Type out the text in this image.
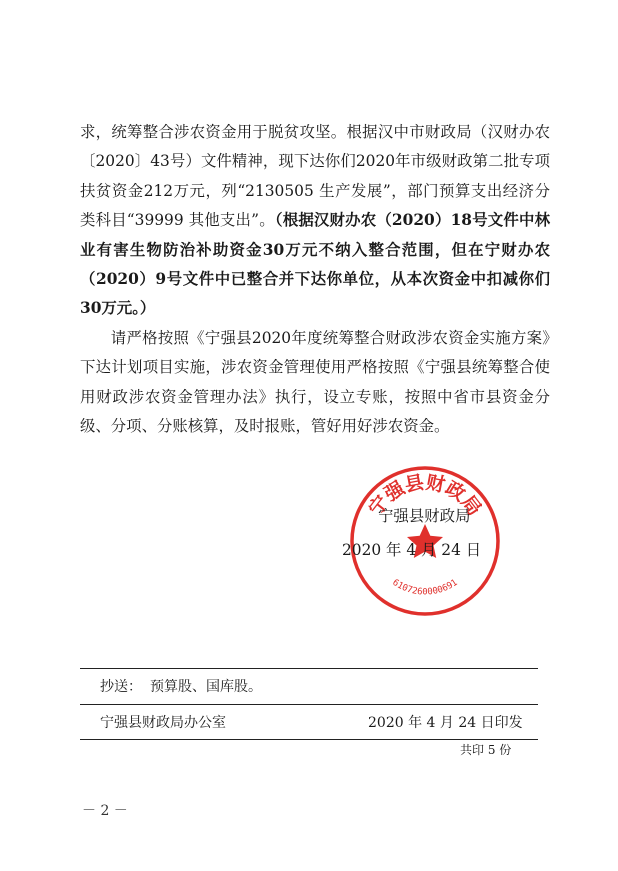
求，统筹整合涉农资金用于脱贫攻坚。根据汉中市财政局（汉财办农〔2020〕43号）文件精神，现下达你们2020年市级财政第二批专项扶贫资金212万元，列“2130505 生产发展”，部门预算支出经济分类科目“39999 其他支出”。（根据汉财办农（2020）18号文件中林业有害生物防治补助资金30万元不纳入整合范围，但在宁财办农（2020）9号文件中已整合并下达你单位，从本次资金中扣减你们30万元。）

请严格按照《宁强县2020年度统筹整合财政涉农资金实施方案》下达计划项目实施，涉农资金管理使用严格按照《宁强县统筹整合使用财政涉农资金管理办法》执行，设立专账，按照中省市县资金分级、分项、分账核算，及时报账，管好用好涉农资金。

宁强县财政局
6107260000691
宁强县财政局
2020 年 4 月 24 日
抄送： 预算股、国库股。
宁强县财政局办公室	2020 年 4 月 24 日印发
共印 5 份
－ 2 －
